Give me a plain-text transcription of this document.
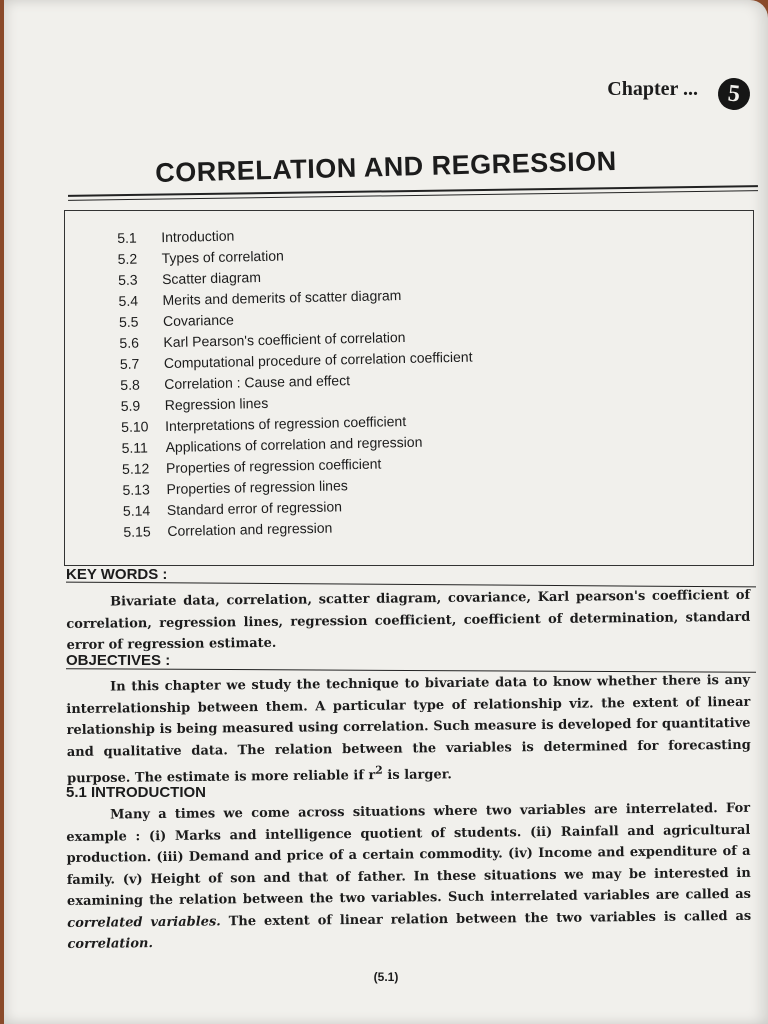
Chapter ...	5
CORRELATION AND REGRESSION
5.1	Introduction
5.2	Types of correlation
5.3	Scatter diagram
5.4	Merits and demerits of scatter diagram
5.5	Covariance
5.6	Karl Pearson's coefficient of correlation
5.7	Computational procedure of correlation coefficient
5.8	Correlation : Cause and effect
5.9	Regression lines
5.10	Interpretations of regression coefficient
5.11	Applications of correlation and regression
5.12	Properties of regression coefficient
5.13	Properties of regression lines
5.14	Standard error of regression
5.15	Correlation and regression
KEY WORDS :
Bivariate data, correlation, scatter diagram, covariance, Karl pearson's coefficient of correlation, regression lines, regression coefficient, coefficient of determination, standard error of regression estimate.
OBJECTIVES :
In this chapter we study the technique to bivariate data to know whether there is any interrelationship between them. A particular type of relationship viz. the extent of linear relationship is being measured using correlation. Such measure is developed for quantitative and qualitative data. The relation between the variables is determined for forecasting purpose. The estimate is more reliable if $r^2$ is larger.
5.1 INTRODUCTION
Many a times we come across situations where two variables are interrelated. For example : (i) Marks and intelligence quotient of students. (ii) Rainfall and agricultural production. (iii) Demand and price of a certain commodity. (iv) Income and expenditure of a family. (v) Height of son and that of father. In these situations we may be interested in examining the relation between the two variables. Such interrelated variables are called as correlated variables. The extent of linear relation between the two variables is called as correlation.
(5.1)
